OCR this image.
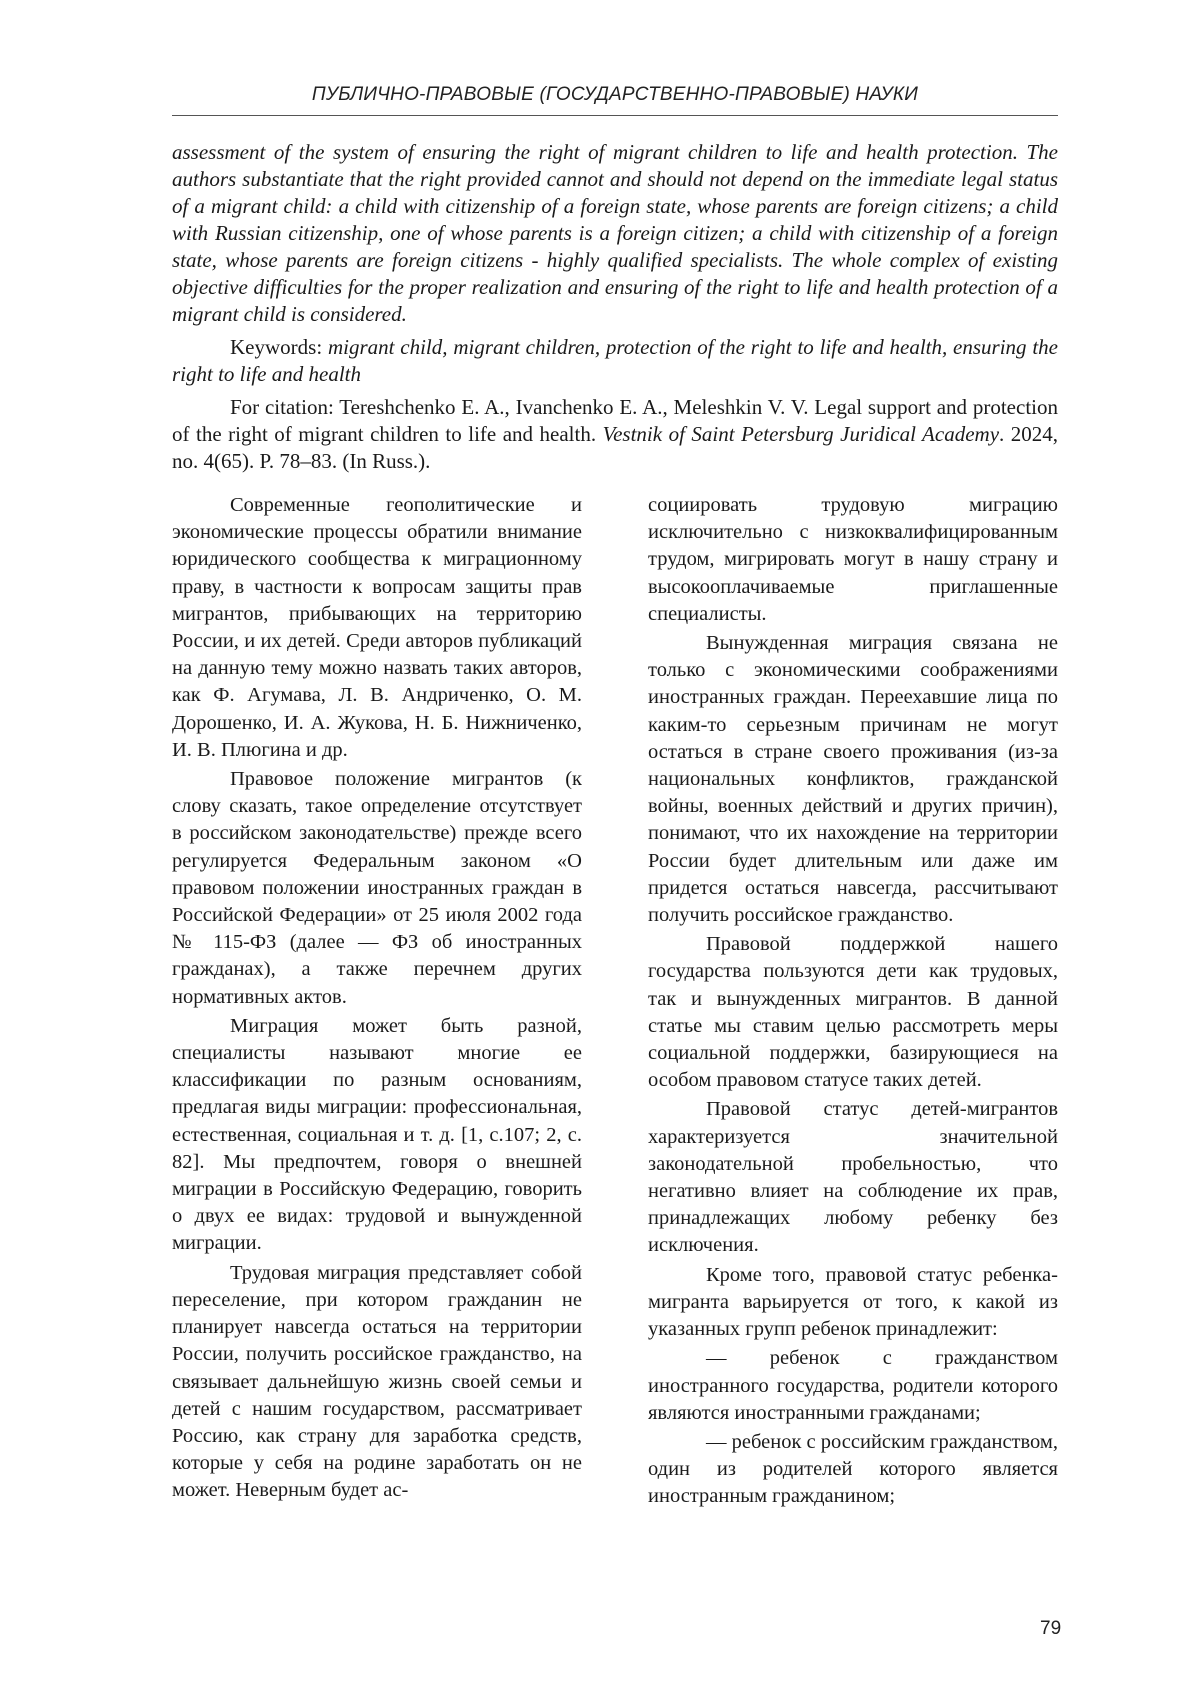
ПУБЛИЧНО-ПРАВОВЫЕ (ГОСУДАРСТВЕННО-ПРАВОВЫЕ) НАУКИ

assessment of the system of ensuring the right of migrant children to life and health protection. The authors substantiate that the right provided cannot and should not depend on the immediate legal status of a migrant child: a child with citizenship of a foreign state, whose parents are foreign citizens; a child with Russian citizenship, one of whose parents is a foreign citizen; a child with citizenship of a foreign state, whose parents are foreign citizens - highly qualified specialists. The whole complex of existing objective difficulties for the proper realization and ensuring of the right to life and health protection of a migrant child is considered.

Keywords: migrant child, migrant children, protection of the right to life and health, ensuring the right to life and health

For citation: Tereshchenko E. A., Ivanchenko E. A., Meleshkin V. V. Legal support and protection of the right of migrant children to life and health. Vestnik of Saint Petersburg Juridical Academy. 2024, no. 4(65). P. 78–83. (In Russ.).

Современные геополитические и экономические процессы обратили внимание юридического сообщества к миграционному праву, в частности к вопросам защиты прав мигрантов, прибывающих на территорию России, и их детей. Среди авторов публикаций на данную тему можно назвать таких авторов, как Ф. Агумава, Л. В. Андриченко, О. М. Дорошенко, И. А. Жукова, Н. Б. Нижниченко, И. В. Плюгина и др.

Правовое положение мигрантов (к слову сказать, такое определение отсутствует в российском законодательстве) прежде всего регулируется Федеральным законом «О правовом положении иностранных граждан в Российской Федерации» от 25 июля 2002 года № 115-ФЗ (далее — ФЗ об иностранных гражданах), а также перечнем других нормативных актов.

Миграция может быть разной, специалисты называют многие ее классификации по разным основаниям, предлагая виды миграции: профессиональная, естественная, социальная и т. д. [1, с.107; 2, с. 82]. Мы предпочтем, говоря о внешней миграции в Российскую Федерацию, говорить о двух ее видах: трудовой и вынужденной миграции.

Трудовая миграция представляет собой переселение, при котором гражданин не планирует навсегда остаться на территории России, получить российское гражданство, на связывает дальнейшую жизнь своей семьи и детей с нашим государством, рассматривает Россию, как страну для заработка средств, которые у себя на родине заработать он не может. Неверным будет ас-

социировать трудовую миграцию исключительно с низкоквалифицированным трудом, мигрировать могут в нашу страну и высокооплачиваемые приглашенные специалисты.

Вынужденная миграция связана не только с экономическими соображениями иностранных граждан. Переехавшие лица по каким-то серьезным причинам не могут остаться в стране своего проживания (из-за национальных конфликтов, гражданской войны, военных действий и других причин), понимают, что их нахождение на территории России будет длительным или даже им придется остаться навсегда, рассчитывают получить российское гражданство.

Правовой поддержкой нашего государства пользуются дети как трудовых, так и вынужденных мигрантов. В данной статье мы ставим целью рассмотреть меры социальной поддержки, базирующиеся на особом правовом статусе таких детей.

Правовой статус детей-мигрантов характеризуется значительной законодательной пробельностью, что негативно влияет на соблюдение их прав, принадлежащих любому ребенку без исключения.

Кроме того, правовой статус ребенка-мигранта варьируется от того, к какой из указанных групп ребенок принадлежит:

— ребенок с гражданством иностранного государства, родители которого являются иностранными гражданами;

— ребенок с российским гражданством, один из родителей которого является иностранным гражданином;

79
